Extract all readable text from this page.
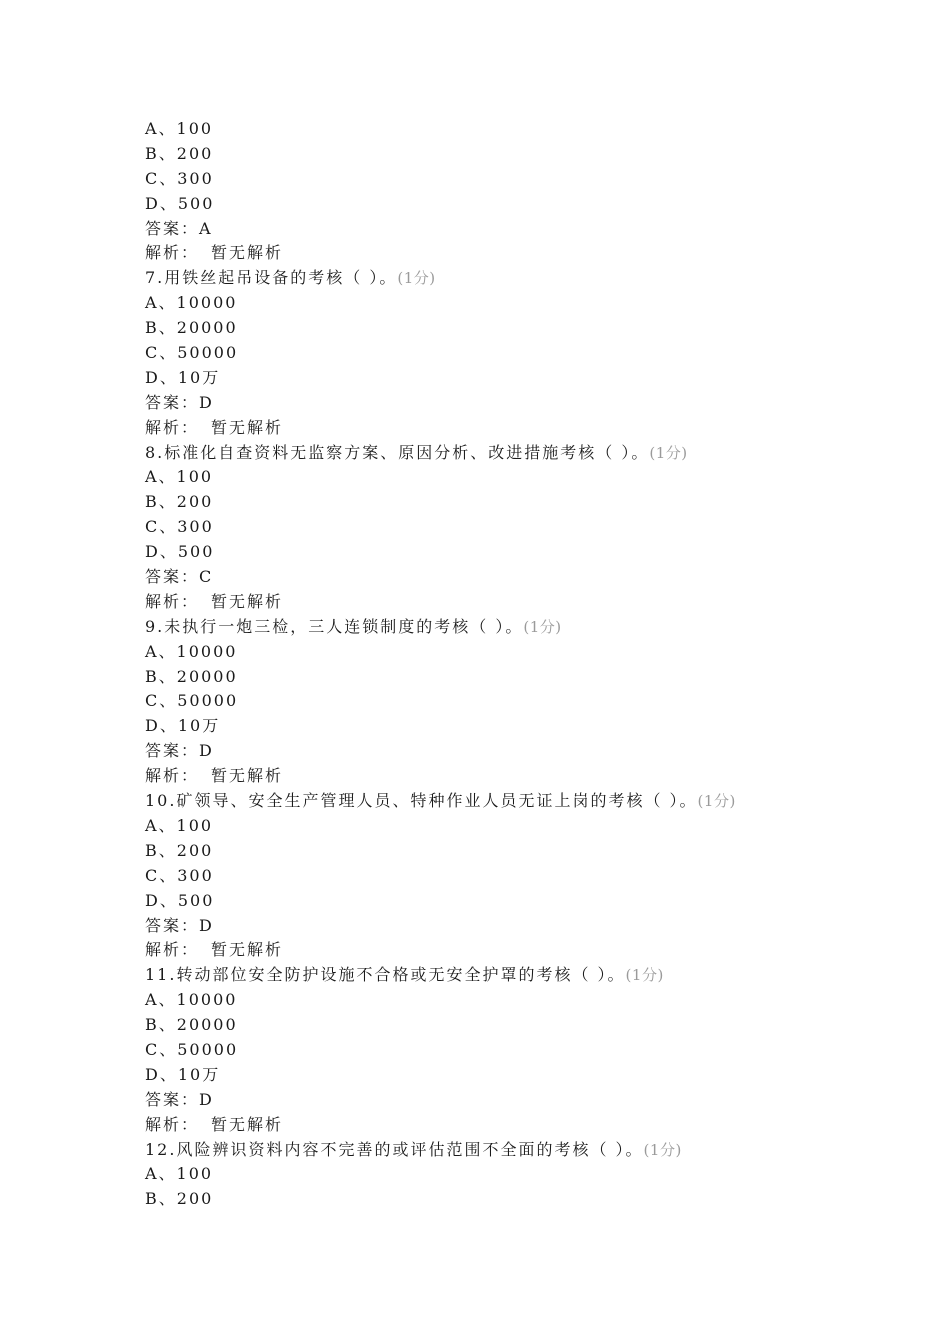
A、100
B、200
C、300
D、500
答案：A
解析： 暂无解析
7.用铁丝起吊设备的考核（ ）。(1分)
A、10000
B、20000
C、50000
D、10万
答案：D
解析： 暂无解析
8.标准化自查资料无监察方案、原因分析、改进措施考核（ ）。(1分)
A、100
B、200
C、300
D、500
答案：C
解析： 暂无解析
9.未执行一炮三检，三人连锁制度的考核（ ）。(1分)
A、10000
B、20000
C、50000
D、10万
答案：D
解析： 暂无解析
10.矿领导、安全生产管理人员、特种作业人员无证上岗的考核（ ）。(1分)
A、100
B、200
C、300
D、500
答案：D
解析： 暂无解析
11.转动部位安全防护设施不合格或无安全护罩的考核（ ）。(1分)
A、10000
B、20000
C、50000
D、10万
答案：D
解析： 暂无解析
12.风险辨识资料内容不完善的或评估范围不全面的考核（ ）。(1分)
A、100
B、200
